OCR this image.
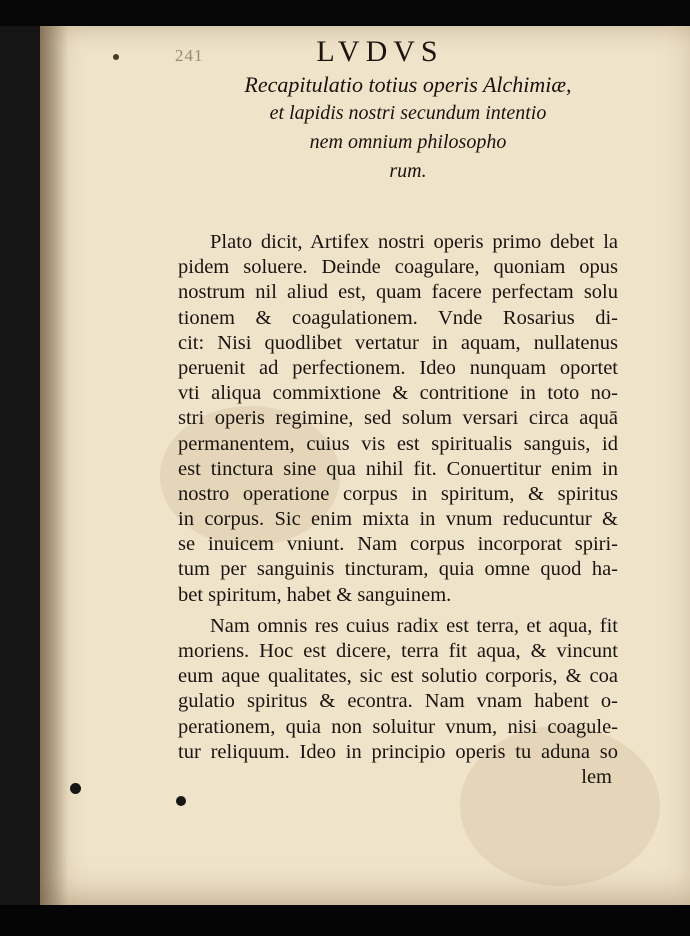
241	LVDVS
Recapitulatio totius operis Alchimiæ,
et lapidis nostri secundum intentio
nem omnium philosopho
rum.
Plato dicit, Artifex nostri operis primo debet la
pidem soluere. Deinde coagulare, quoniam opus
nostrum nil aliud est, quam facere perfectam solu
tionem & coagulationem. Vnde Rosarius di-
cit: Nisi quodlibet vertatur in aquam, nullatenus
peruenit ad perfectionem. Ideo nunquam oportet
vti aliqua commixtione & contritione in toto no-
stri operis regimine, sed solum versari circa aquā
permanentem, cuius vis est spiritualis sanguis, id
est tinctura sine qua nihil fit. Conuertitur enim in
nostro operatione corpus in spiritum, & spiritus
in corpus. Sic enim mixta in vnum reducuntur &
se inuicem vniunt. Nam corpus incorporat spiri-
tum per sanguinis tincturam, quia omne quod ha-
bet spiritum, habet & sanguinem.
Nam omnis res cuius radix est terra, et aqua, fit
moriens. Hoc est dicere, terra fit aqua, & vincunt
eum aque qualitates, sic est solutio corporis, & coa
gulatio spiritus & econtra. Nam vnam habent o-
perationem, quia non soluitur vnum, nisi coagule-
tur reliquum. Ideo in principio operis tu aduna so
lem
